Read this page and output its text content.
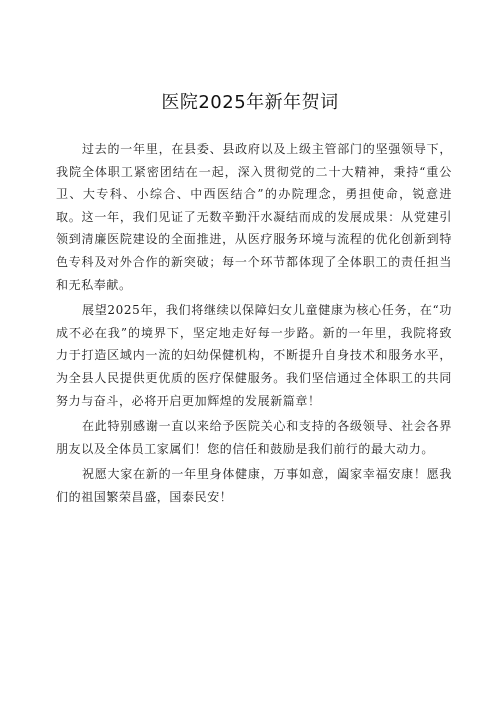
医院2025年新年贺词

过去的一年里，在县委、县政府以及上级主管部门的坚强领导下，我院全体职工紧密团结在一起，深入贯彻党的二十大精神，秉持“重公卫、大专科、小综合、中西医结合”的办院理念，勇担使命，锐意进取。这一年，我们见证了无数辛勤汗水凝结而成的发展成果：从党建引领到清廉医院建设的全面推进，从医疗服务环境与流程的优化创新到特色专科及对外合作的新突破；每一个环节都体现了全体职工的责任担当和无私奉献。

展望2025年，我们将继续以保障妇女儿童健康为核心任务，在“功成不必在我”的境界下，坚定地走好每一步路。新的一年里，我院将致力于打造区域内一流的妇幼保健机构，不断提升自身技术和服务水平，为全县人民提供更优质的医疗保健服务。我们坚信通过全体职工的共同努力与奋斗，必将开启更加辉煌的发展新篇章！

在此特别感谢一直以来给予医院关心和支持的各级领导、社会各界朋友以及全体员工家属们！您的信任和鼓励是我们前行的最大动力。

祝愿大家在新的一年里身体健康，万事如意，阖家幸福安康！愿我们的祖国繁荣昌盛，国泰民安！
